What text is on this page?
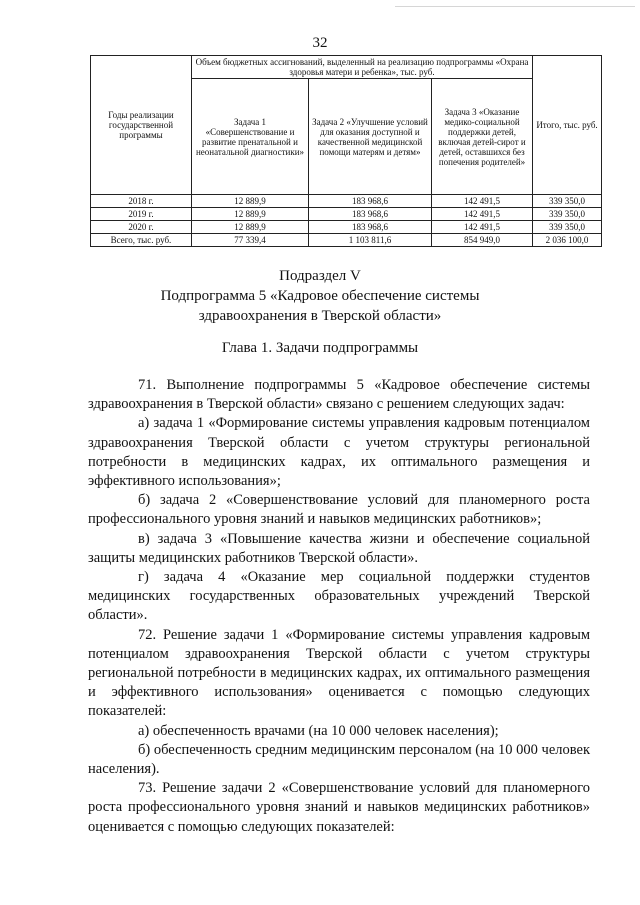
32
Годы реализации государственной программы	Объем бюджетных ассигнований, выделенный на реализацию подпрограммы «Охрана здоровья матери и ребенка», тыс. руб.			Итого, тыс. руб.
	Задача 1 «Совершенствование и развитие пренатальной и неонатальной диагностики»	Задача 2 «Улучшение условий для оказания доступной и качественной медицинской помощи матерям и детям»	Задача 3 «Оказание медико-социальной поддержки детей, включая детей-сирот и детей, оставшихся без попечения родителей»	
2018 г.	12 889,9	183 968,6	142 491,5	339 350,0
2019 г.	12 889,9	183 968,6	142 491,5	339 350,0
2020 г.	12 889,9	183 968,6	142 491,5	339 350,0
Всего, тыс. руб.	77 339,4	1 103 811,6	854 949,0	2 036 100,0
Подраздел V
Подпрограмма 5 «Кадровое обеспечение системы здравоохранения в Тверской области»
Глава 1. Задачи подпрограммы

71. Выполнение подпрограммы 5 «Кадровое обеспечение системы здравоохранения в Тверской области» связано с решением следующих задач:

а) задача 1 «Формирование системы управления кадровым потенциалом здравоохранения Тверской области с учетом структуры региональной потребности в медицинских кадрах, их оптимального размещения и эффективного использования»;

б) задача 2 «Совершенствование условий для планомерного роста профессионального уровня знаний и навыков медицинских работников»;

в) задача 3 «Повышение качества жизни и обеспечение социальной защиты медицинских работников Тверской области».

г) задача 4 «Оказание мер социальной поддержки студентов медицинских государственных образовательных учреждений Тверской области».

72. Решение задачи 1 «Формирование системы управления кадровым потенциалом здравоохранения Тверской области с учетом структуры региональной потребности в медицинских кадрах, их оптимального размещения и эффективного использования» оценивается с помощью следующих показателей:

а) обеспеченность врачами (на 10 000 человек населения);

б) обеспеченность средним медицинским персоналом (на 10 000 человек населения).

73. Решение задачи 2 «Совершенствование условий для планомерного роста профессионального уровня знаний и навыков медицинских работников» оценивается с помощью следующих показателей:
